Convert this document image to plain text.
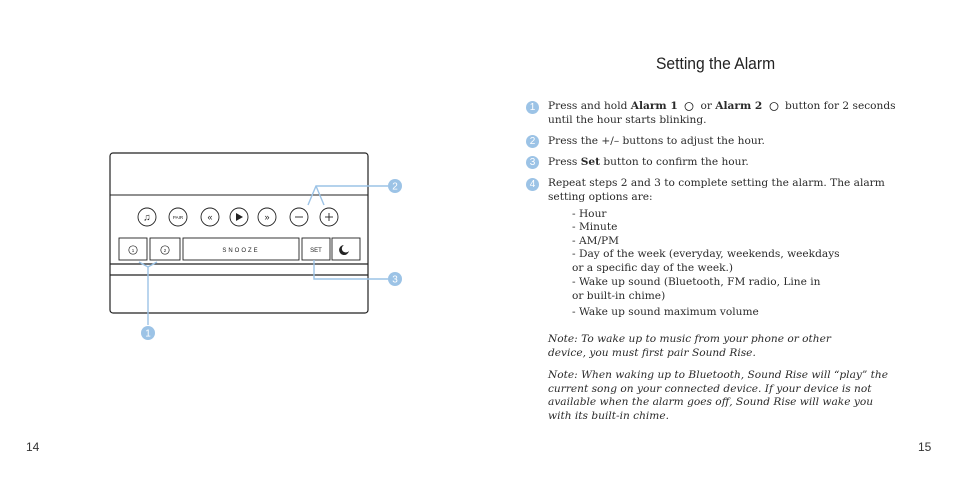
14	15
♫	PAIR	«	»
1	2	SNOOZE	SET
2
3
1
Setting the Alarm
1	Press and hold Alarm 1  or Alarm 2  button for 2 seconds
until the hour starts blinking.
2	Press the +/– buttons to adjust the hour.
3	Press Set button to confirm the hour.
4	Repeat steps 2 and 3 to complete setting the alarm. The alarm setting options are:
- Hour
- Minute
- AM/PM
- Day of the week (everyday, weekends, weekdays or a specific day of the week.)
- Wake up sound (Bluetooth, FM radio, Line in or built-in chime)
- Wake up sound maximum volume
Note: To wake up to music from your phone or other device, you must first pair Sound Rise.
Note: When waking up to Bluetooth, Sound Rise will “play” the current song on your connected device. If your device is not available when the alarm goes off, Sound Rise will wake you with its built-in chime.
